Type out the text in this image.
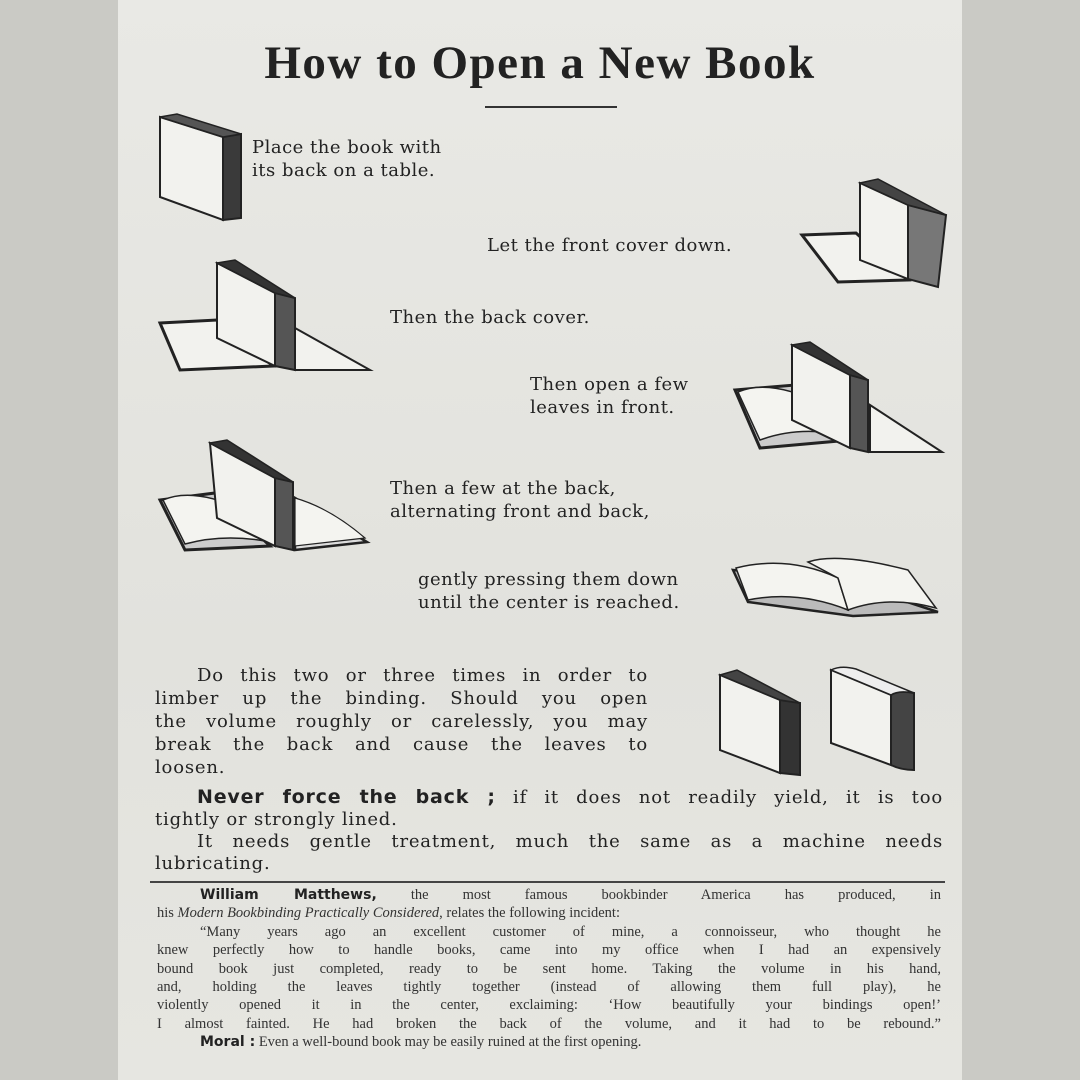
How to Open a New Book
Place the book with
its back on a table.
Let the front cover down.
Then the back cover.
Then open a few
leaves in front.
Then a few at the back,
alternating front and back,
gently pressing them down
until the center is reached.
Do this two or three times in order to
limber up the binding. Should you open
the volume roughly or carelessly, you may
break the back and cause the leaves to
loosen.
Never force the back ; if it does not readily yield, it is too
tightly or strongly lined.
It needs gentle treatment, much the same as a machine needs
lubricating.
William Matthews, the most famous bookbinder America has produced, in
his Modern Bookbinding Practically Considered, relates the following incident:
“Many years ago an excellent customer of mine, a connoisseur, who thought he
knew perfectly how to handle books, came into my office when I had an expensively
bound book just completed, ready to be sent home. Taking the volume in his hand,
and, holding the leaves tightly together (instead of allowing them full play), he
violently opened it in the center, exclaiming: ‘How beautifully your bindings open!’
I almost fainted. He had broken the back of the volume, and it had to be rebound.”
Moral : Even a well-bound book may be easily ruined at the first opening.
